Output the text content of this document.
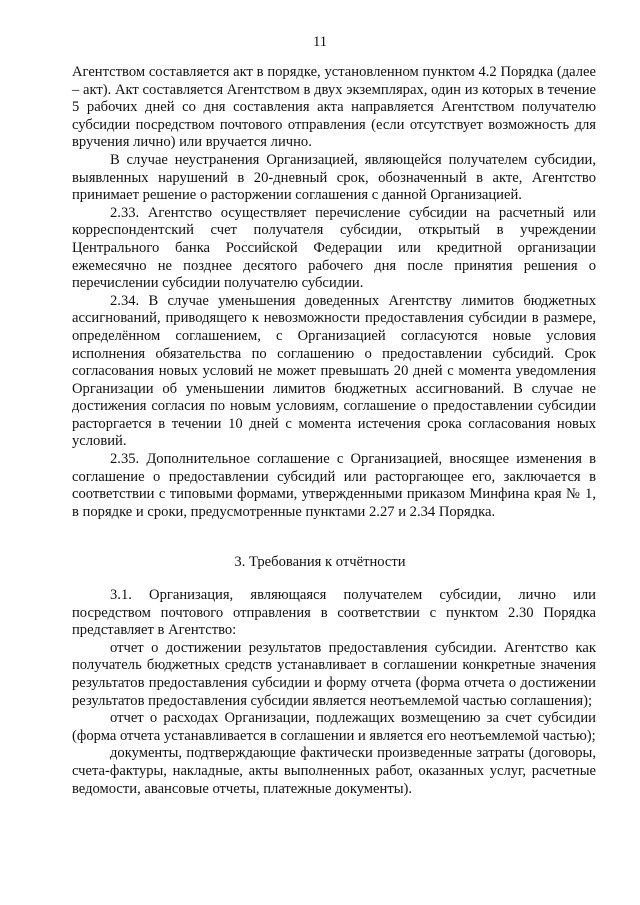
11

Агентством составляется акт в порядке, установленном пунктом 4.2 Порядка (далее – акт). Акт составляется Агентством в двух экземплярах, один из которых в течение 5 рабочих дней со дня составления акта направляется Агентством получателю субсидии посредством почтового отправления (если отсутствует возможность для вручения лично) или вручается лично.

В случае неустранения Организацией, являющейся получателем субсидии, выявленных нарушений в 20-дневный срок, обозначенный в акте, Агентство принимает решение о расторжении соглашения с данной Организацией.

2.33. Агентство осуществляет перечисление субсидии на расчетный или корреспондентский счет получателя субсидии, открытый в учреждении Центрального банка Российской Федерации или кредитной организации ежемесячно не позднее десятого рабочего дня после принятия решения о перечислении субсидии получателю субсидии.

2.34. В случае уменьшения доведенных Агентству лимитов бюджетных ассигнований, приводящего к невозможности предоставления субсидии в размере, определённом соглашением, с Организацией согласуются новые условия исполнения обязательства по соглашению о предоставлении субсидий. Срок согласования новых условий не может превышать 20 дней с момента уведомления Организации об уменьшении лимитов бюджетных ассигнований. В случае не достижения согласия по новым условиям, соглашение о предоставлении субсидии расторгается в течении 10 дней с момента истечения срока согласования новых условий.

2.35. Дополнительное соглашение с Организацией, вносящее изменения в соглашение о предоставлении субсидий или расторгающее его, заключается в соответствии с типовыми формами, утвержденными приказом Минфина края № 1, в порядке и сроки, предусмотренные пунктами 2.27 и 2.34 Порядка.

3. Требования к отчётности

3.1. Организация, являющаяся получателем субсидии, лично или посредством почтового отправления в соответствии с пунктом 2.30 Порядка представляет в Агентство:

отчет о достижении результатов предоставления субсидии. Агентство как получатель бюджетных средств устанавливает в соглашении конкретные значения результатов предоставления субсидии и форму отчета (форма отчета о достижении результатов предоставления субсидии является неотъемлемой частью соглашения);

отчет о расходах Организации, подлежащих возмещению за счет субсидии (форма отчета устанавливается в соглашении и является его неотъемлемой частью);

документы, подтверждающие фактически произведенные затраты (договоры, счета-фактуры, накладные, акты выполненных работ, оказанных услуг, расчетные ведомости, авансовые отчеты, платежные документы).
